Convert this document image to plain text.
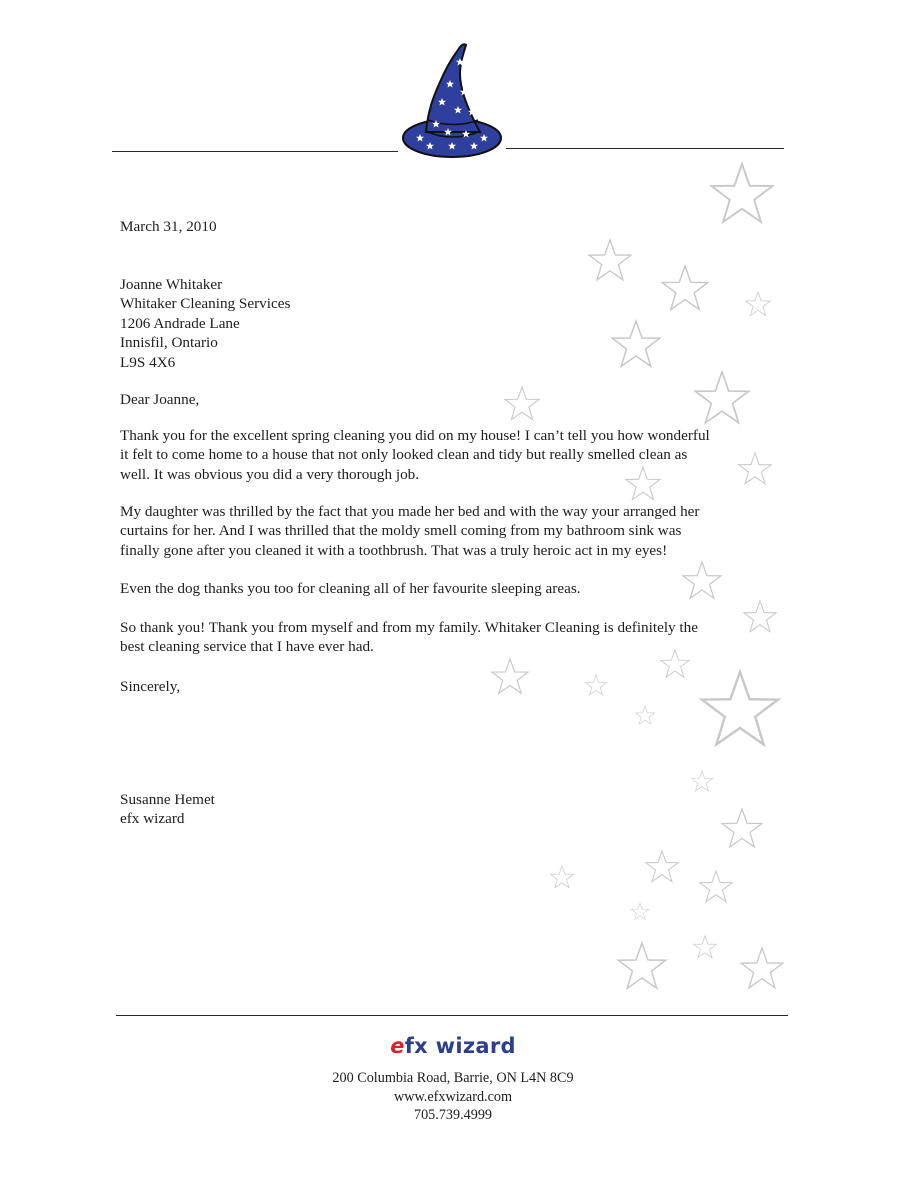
March 31, 2010
Joanne Whitaker
Whitaker Cleaning Services
1206 Andrade Lane
Innisfil, Ontario
L9S 4X6
Dear Joanne,
Thank you for the excellent spring cleaning you did on my house! I can’t tell you how wonderful
it felt to come home to a house that not only looked clean and tidy but really smelled clean as
well. It was obvious you did a very thorough job.
My daughter was thrilled by the fact that you made her bed and with the way your arranged her
curtains for her. And I was thrilled that the moldy smell coming from my bathroom sink was
finally gone after you cleaned it with a toothbrush. That was a truly heroic act in my eyes!
Even the dog thanks you too for cleaning all of her favourite sleeping areas.
So thank you! Thank you from myself and from my family. Whitaker Cleaning is definitely the
best cleaning service that I have ever had.
Sincerely,
Susanne Hemet
efx wizard
efx wizard
200 Columbia Road, Barrie, ON L4N 8C9
www.efxwizard.com
705.739.4999
